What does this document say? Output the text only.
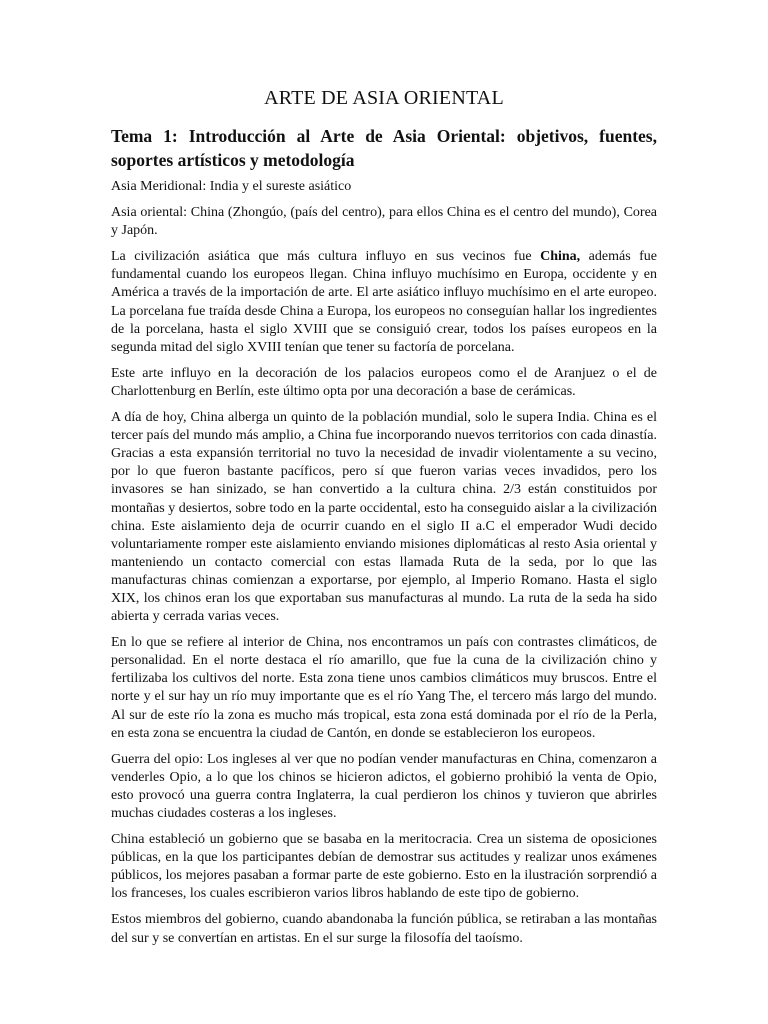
ARTE DE ASIA ORIENTAL
Tema 1: Introducción al Arte de Asia Oriental: objetivos, fuentes, soportes artísticos y metodología

Asia Meridional: India y el sureste asiático

Asia oriental: China (Zhongúo, (país del centro), para ellos China es el centro del mundo), Corea y Japón.

La civilización asiática que más cultura influyo en sus vecinos fue China, además fue fundamental cuando los europeos llegan. China influyo muchísimo en Europa, occidente y en América a través de la importación de arte. El arte asiático influyo muchísimo en el arte europeo. La porcelana fue traída desde China a Europa, los europeos no conseguían hallar los ingredientes de la porcelana, hasta el siglo XVIII que se consiguió crear, todos los países europeos en la segunda mitad del siglo XVIII tenían que tener su factoría de porcelana.

Este arte influyo en la decoración de los palacios europeos como el de Aranjuez o el de Charlottenburg en Berlín, este último opta por una decoración a base de cerámicas.

A día de hoy, China alberga un quinto de la población mundial, solo le supera India. China es el tercer país del mundo más amplio, a China fue incorporando nuevos territorios con cada dinastía. Gracias a esta expansión territorial no tuvo la necesidad de invadir violentamente a su vecino, por lo que fueron bastante pacíficos, pero sí que fueron varias veces invadidos, pero los invasores se han sinizado, se han convertido a la cultura china. 2/3 están constituidos por montañas y desiertos, sobre todo en la parte occidental, esto ha conseguido aislar a la civilización china. Este aislamiento deja de ocurrir cuando en el siglo II a.C el emperador Wudi decido voluntariamente romper este aislamiento enviando misiones diplomáticas al resto Asia oriental y manteniendo un contacto comercial con estas llamada Ruta de la seda, por lo que las manufacturas chinas comienzan a exportarse, por ejemplo, al Imperio Romano. Hasta el siglo XIX, los chinos eran los que exportaban sus manufacturas al mundo. La ruta de la seda ha sido abierta y cerrada varias veces.

En lo que se refiere al interior de China, nos encontramos un país con contrastes climáticos, de personalidad. En el norte destaca el río amarillo, que fue la cuna de la civilización chino y fertilizaba los cultivos del norte. Esta zona tiene unos cambios climáticos muy bruscos. Entre el norte y el sur hay un río muy importante que es el río Yang The, el tercero más largo del mundo. Al sur de este río la zona es mucho más tropical, esta zona está dominada por el río de la Perla, en esta zona se encuentra la ciudad de Cantón, en donde se establecieron los europeos.

Guerra del opio: Los ingleses al ver que no podían vender manufacturas en China, comenzaron a venderles Opio, a lo que los chinos se hicieron adictos, el gobierno prohibió la venta de Opio, esto provocó una guerra contra Inglaterra, la cual perdieron los chinos y tuvieron que abrirles muchas ciudades costeras a los ingleses.

China estableció un gobierno que se basaba en la meritocracia. Crea un sistema de oposiciones públicas, en la que los participantes debían de demostrar sus actitudes y realizar unos exámenes públicos, los mejores pasaban a formar parte de este gobierno. Esto en la ilustración sorprendió a los franceses, los cuales escribieron varios libros hablando de este tipo de gobierno.

Estos miembros del gobierno, cuando abandonaba la función pública, se retiraban a las montañas del sur y se convertían en artistas. En el sur surge la filosofía del taoísmo.
